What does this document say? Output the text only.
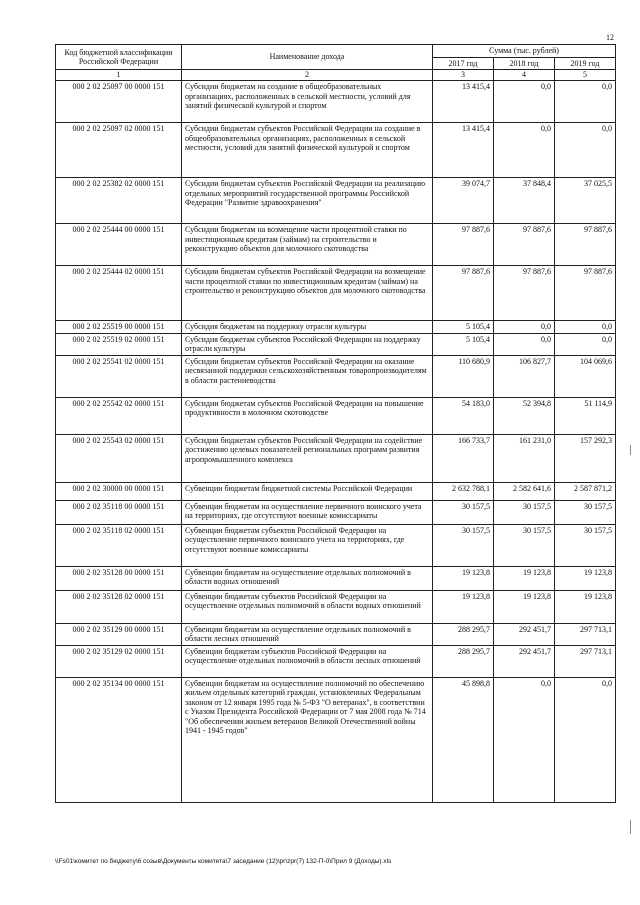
12
Код бюджетной классификации Российской Федерации	Наименование дохода	Сумма (тыс. рублей)		
		2017 год	2018 год	2019 год
1	2	3	4	5
000 2 02 25097 00 0000 151	Субсидии бюджетам на создание в общеобразовательных организациях, расположенных в сельской местности, условий для занятий физической культурой и спортом	13 415,4	0,0	0,0
000 2 02 25097 02 0000 151	Субсидии бюджетам субъектов Российской Федерации на создание в общеобразовательных организациях, расположенных в сельской местности, условий для занятий физической культурой и спортом	13 415,4	0,0	0,0
000 2 02 25382 02 0000 151	Субсидии бюджетам субъектов Российской Федерации на реализацию отдельных мероприятий государственной программы Российской Федерации "Развитие здравоохранения"	39 074,7	37 848,4	37 025,5
000 2 02 25444 00 0000 151	Субсидии бюджетам на возмещение части процентной ставки по инвестиционным кредитам (займам) на строительство и реконструкцию объектов для молочного скотоводства	97 887,6	97 887,6	97 887,6
000 2 02 25444 02 0000 151	Субсидии бюджетам субъектов Российской Федерации на возмещение части процентной ставки по инвестиционным кредитам (займам) на строительство и реконструкцию объектов для молочного скотоводства	97 887,6	97 887,6	97 887,6
000 2 02 25519 00 0000 151	Субсидия бюджетам на поддержку отрасли культуры	5 105,4	0,0	0,0
000 2 02 25519 02 0000 151	Субсидия бюджетам субъектов Российской Федерации на поддержку отрасли культуры	5 105,4	0,0	0,0
000 2 02 25541 02 0000 151	Субсидии бюджетам субъектов Российской Федерации на оказание несвязанной поддержки сельскохозяйственным товаропроизводителям в области растениеводства	110 680,9	106 827,7	104 069,6
000 2 02 25542 02 0000 151	Субсидии бюджетам субъектов Российской Федерации на повышение продуктивности в молочном скотоводстве	54 183,0	52 394,8	51 114,9
000 2 02 25543 02 0000 151	Субсидии бюджетам субъектов Российской Федерации на содействие достижению целевых показателей региональных программ развития агропромышленного комплекса	166 733,7	161 231,0	157 292,3
000 2 02 30000 00 0000 151	Субвенции бюджетам бюджетной системы Российской Федерации	2 632 788,1	2 582 641,6	2 587 871,2
000 2 02 35118 00 0000 151	Субвенции бюджетам на осуществление первичного воинского учета на территориях, где отсутствуют военные комиссариаты	30 157,5	30 157,5	30 157,5
000 2 02 35118 02 0000 151	Субвенции бюджетам субъектов Российской Федерации на осуществление первичного воинского учета на территориях, где отсутствуют военные комиссариаты	30 157,5	30 157,5	30 157,5
000 2 02 35128 00 0000 151	Субвенции бюджетам на осуществление отдельных полномочий в области водных отношений	19 123,8	19 123,8	19 123,8
000 2 02 35128 02 0000 151	Субвенции бюджетам субъектов Российской Федерации на осуществление отдельных полномочий в области водных отношений	19 123,8	19 123,8	19 123,8
000 2 02 35129 00 0000 151	Субвенции бюджетам на осуществление отдельных полномочий в области лесных отношений	288 295,7	292 451,7	297 713,1
000 2 02 35129 02 0000 151	Субвенции бюджетам субъектов Российской Федерации на осуществление отдельных полномочий в области лесных отношений	288 295,7	292 451,7	297 713,1
000 2 02 35134 00 0000 151	Субвенции бюджетам на осуществление полномочий по обеспечению жильем отдельных категорий граждан, установленных Федеральным законом от 12 января 1995 года № 5-ФЗ "О ветеранах", в соответствии с Указом Президента Российской Федерации от 7 мая 2008 года № 714 "Об обеспечении жильем ветеранов Великой Отечественной войны 1941 - 1945 годов"	45 898,8	0,0	0,0
\\Fs01\комитет по бюджету\6 созыв\Документы комитета\7 заседание (12)\pr\zpr(7) 132-П-0\Прил 9 (Доходы).xls
